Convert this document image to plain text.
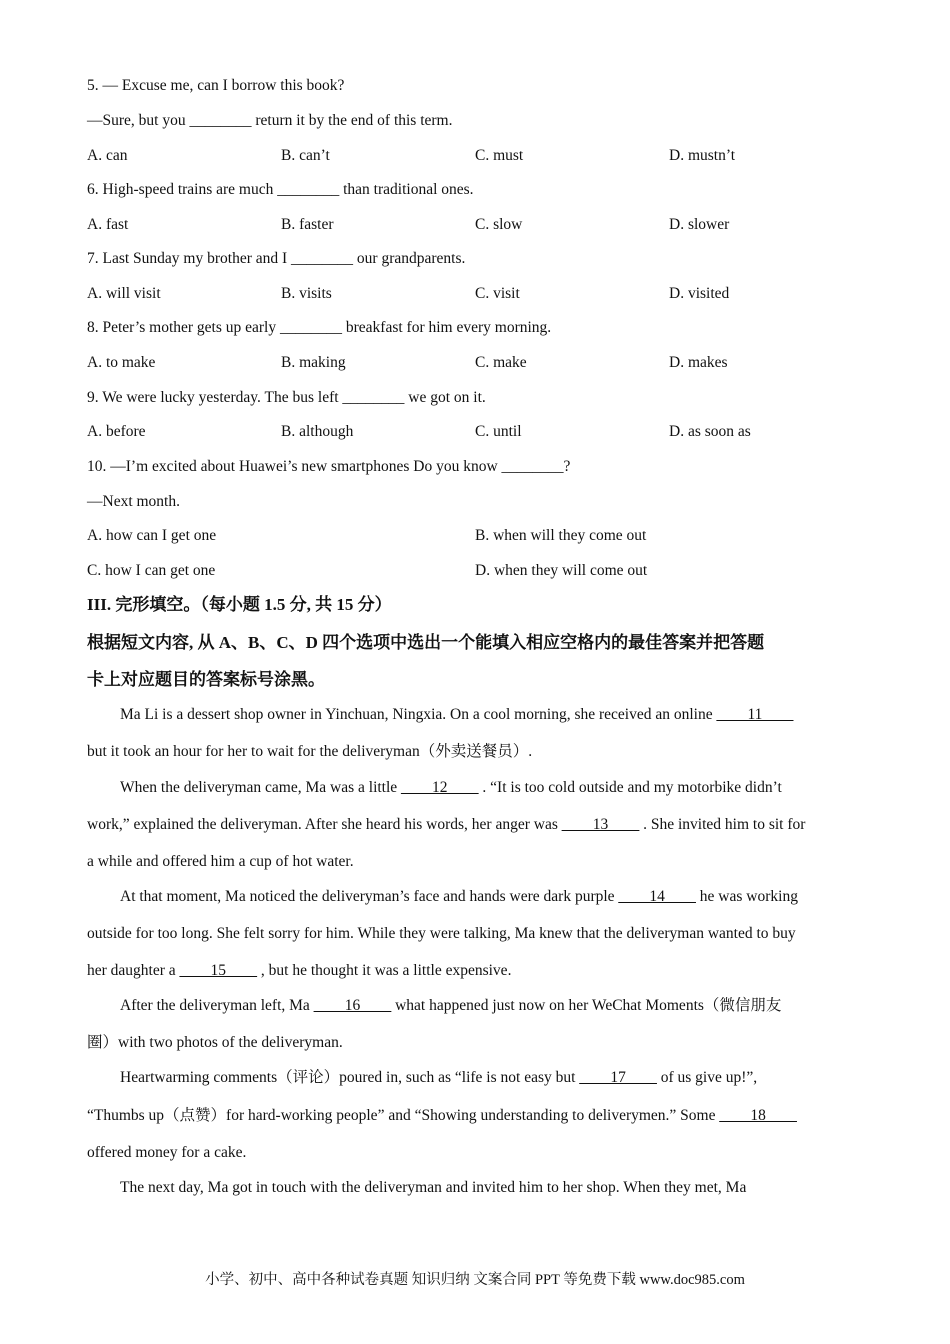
5. — Excuse me, can I borrow this book?
—Sure, but you ________ return it by the end of this term.
A. can	B. can’t	C. must	D. mustn’t
6. High-speed trains are much ________ than traditional ones.
A. fast	B. faster	C. slow	D. slower
7. Last Sunday my brother and I ________ our grandparents.
A. will visit	B. visits	C. visit	D. visited
8. Peter’s mother gets up early ________ breakfast for him every morning.
A. to make	B. making	C. make	D. makes
9. We were lucky yesterday. The bus left ________ we got on it.
A. before	B. although	C. until	D. as soon as
10. —I’m excited about Huawei’s new smartphones Do you know ________?
—Next month.
A. how can I get one	B. when will they come out
C. how I can get one	D. when they will come out
III. 完形填空。（每小题 1.5 分, 共 15 分）
根据短文内容, 从 A、B、C、D 四个选项中选出一个能填入相应空格内的最佳答案并把答题
卡上对应题目的答案标号涂黑。
Ma Li is a dessert shop owner in Yinchuan, Ningxia. On a cool morning, she received an online ____11____
but it took an hour for her to wait for the deliveryman（外卖送餐员）.
When the deliveryman came, Ma was a little ____12____ . “It is too cold outside and my motorbike didn’t
work,” explained the deliveryman. After she heard his words, her anger was ____13____ . She invited him to sit for
a while and offered him a cup of hot water.
At that moment, Ma noticed the deliveryman’s face and hands were dark purple ____14____ he was working
outside for too long. She felt sorry for him. While they were talking, Ma knew that the deliveryman wanted to buy
her daughter a ____15____ , but he thought it was a little expensive.
After the deliveryman left, Ma ____16____ what happened just now on her WeChat Moments（微信朋友
圈）with two photos of the deliveryman.
Heartwarming comments（评论）poured in, such as “life is not easy but ____17____ of us give up!”,
“Thumbs up（点赞）for hard-working people” and “Showing understanding to deliverymen.” Some ____18____
offered money for a cake.
The next day, Ma got in touch with the deliveryman and invited him to her shop. When they met, Ma
小学、初中、高中各种试卷真题 知识归纳 文案合同 PPT 等免费下载 www.doc985.com
